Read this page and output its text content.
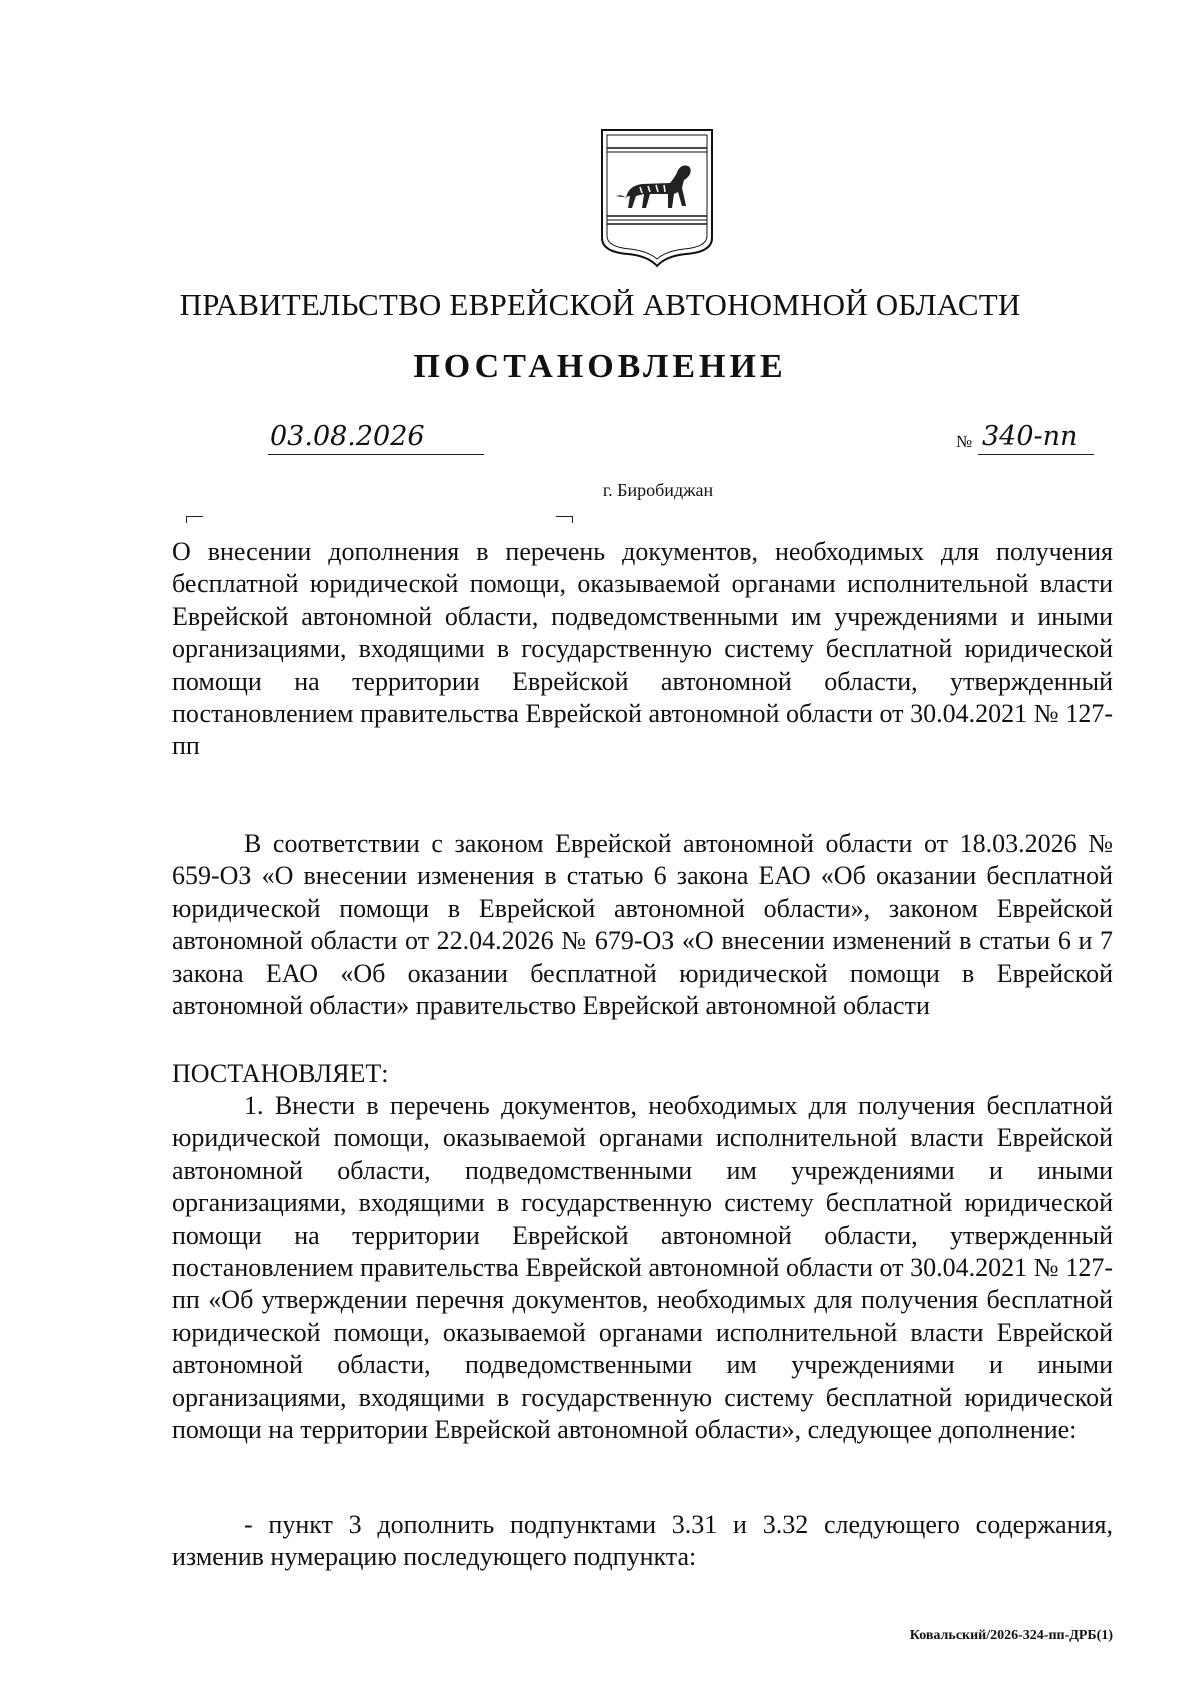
ПРАВИТЕЛЬСТВО ЕВРЕЙСКОЙ АВТОНОМНОЙ ОБЛАСТИ
ПОСТАНОВЛЕНИЕ
03.08.2026	№ 340-пп
г. Биробиджан

О внесении дополнения в перечень документов, необходимых для получения бесплатной юридической помощи, оказываемой органами исполнительной власти Еврейской автономной области, подведомственными им учреждениями и иными организациями, входящими в государственную систему бесплатной юридической помощи на территории Еврейской автономной области, утвержденный постановлением правительства Еврейской автономной области от 30.04.2021 № 127-пп

В соответствии с законом Еврейской автономной области от 18.03.2026 № 659-ОЗ «О внесении изменения в статью 6 закона ЕАО «Об оказании бесплатной юридической помощи в Еврейской автономной области», законом Еврейской автономной области от 22.04.2026 № 679-ОЗ «О внесении изменений в статьи 6 и 7 закона ЕАО «Об оказании бесплатной юридической помощи в Еврейской автономной области» правительство Еврейской автономной области

ПОСТАНОВЛЯЕТ:

1. Внести в перечень документов, необходимых для получения бесплатной юридической помощи, оказываемой органами исполнительной власти Еврейской автономной области, подведомственными им учреждениями и иными организациями, входящими в государственную систему бесплатной юридической помощи на территории Еврейской автономной области, утвержденный постановлением правительства Еврейской автономной области от 30.04.2021 № 127-пп «Об утверждении перечня документов, необходимых для получения бесплатной юридической помощи, оказываемой органами исполнительной власти Еврейской автономной области, подведомственными им учреждениями и иными организациями, входящими в государственную систему бесплатной юридической помощи на территории Еврейской автономной области», следующее дополнение:

- пункт 3 дополнить подпунктами 3.31 и 3.32 следующего содержания, изменив нумерацию последующего подпункта:

Ковальский/2026-324-пп-ДРБ(1)
